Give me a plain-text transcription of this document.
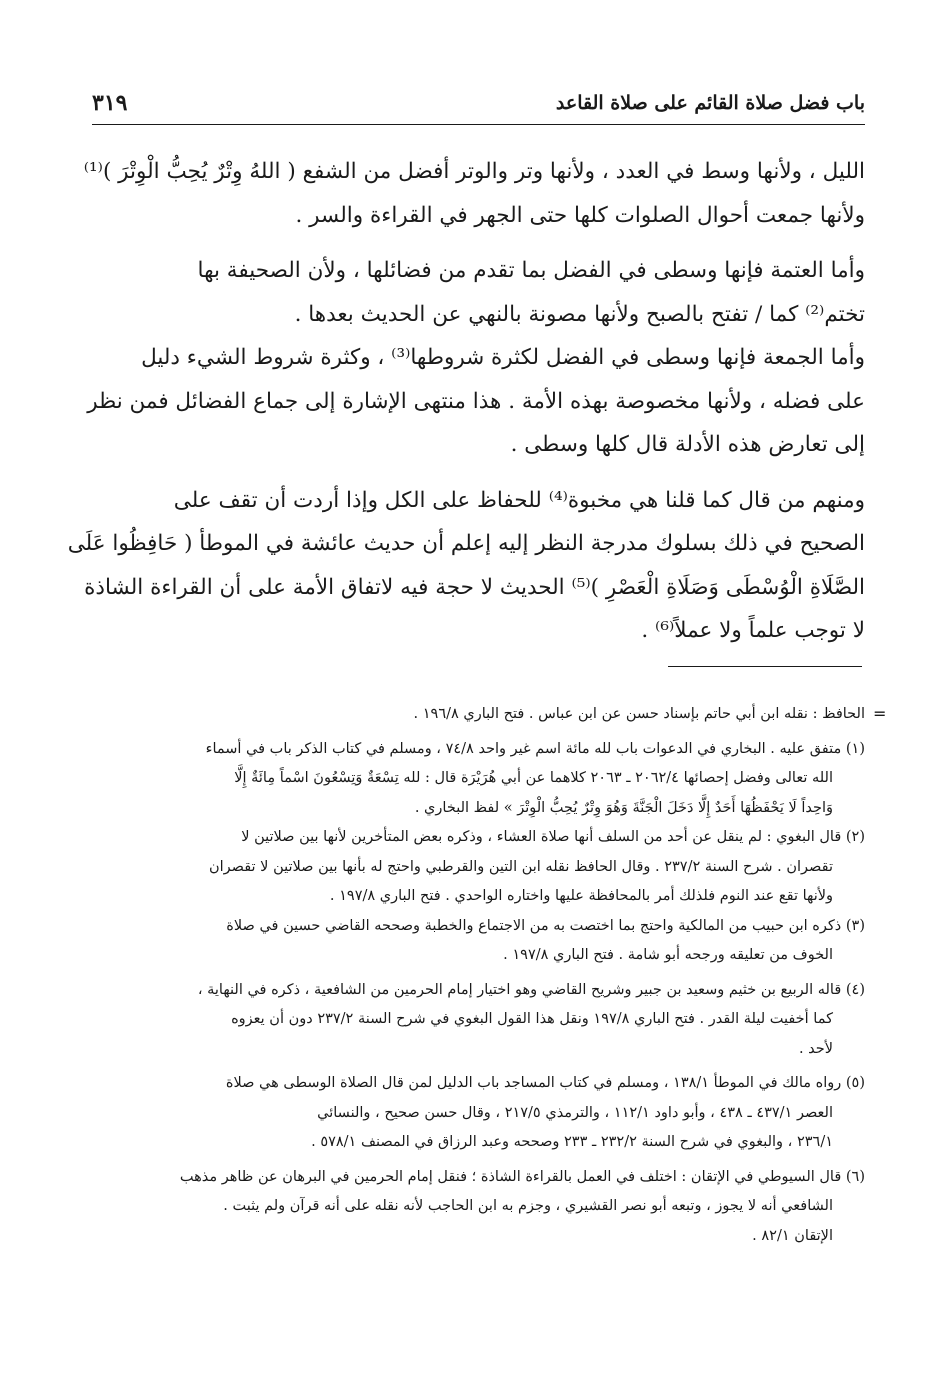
باب فضل صلاة القائم على صلاة القاعد
٣١٩
الليل ، ولأنها وسط في العدد ، ولأنها وتر والوتر أفضل من الشفع ( اللهُ وِتْرٌ يُحِبُّ الْوِتْرَ )⁽¹⁾
ولأنها جمعت أحوال الصلوات كلها حتى الجهر في القراءة والسر .
وأما العتمة فإنها وسطى في الفضل بما تقدم من فضائلها ، ولأن الصحيفة بها
تختم⁽²⁾ كما / تفتح بالصبح ولأنها مصونة بالنهي عن الحديث بعدها .
وأما الجمعة فإنها وسطى في الفضل لكثرة شروطها⁽³⁾ ، وكثرة شروط الشيء دليل
على فضله ، ولأنها مخصوصة بهذه الأمة . هذا منتهى الإشارة إلى جماع الفضائل فمن نظر
إلى تعارض هذه الأدلة قال كلها وسطى .
ومنهم من قال كما قلنا هي مخبوة⁽⁴⁾ للحفاظ على الكل وإذا أردت أن تقف على
الصحيح في ذلك بسلوك مدرجة النظر إليه إعلم أن حديث عائشة في الموطأ ( حَافِظُوا عَلَى
الصَّلَاةِ الْوُسْطَى وَصَلَاةِ الْعَصْرِ )⁽⁵⁾ الحديث لا حجة فيه لاتفاق الأمة على أن القراءة الشاذة
لا توجب علماً ولا عملاً⁽⁶⁾ .
=
الحافظ : نقله ابن أبي حاتم بإسناد حسن عن ابن عباس . فتح الباري ١٩٦/٨ .
(١) متفق عليه . البخاري في الدعوات باب لله مائة اسم غير واحد ٧٤/٨ ، ومسلم في كتاب الذكر باب في أسماء
الله تعالى وفضل إحصائها ٢٠٦٢/٤ ـ ٢٠٦٣ كلاهما عن أبي هُرَيْرَة قال : لله تِسْعَةٌ وَتِسْعُونَ اسْماً مِائَةٌ إِلَّا
وَاحِداً لَا يَحْفَظُهَا أَحَدٌ إِلَّا دَخَلَ الْجَنَّةَ وَهُوَ وِتْرٌ يُحِبُّ الْوِتْرَ » لفظ البخاري .
(٢) قال البغوي : لم ينقل عن أحد من السلف أنها صلاة العشاء ، وذكره بعض المتأخرين لأنها بين صلاتين لا
تقصران . شرح السنة ٢٣٧/٢ . وقال الحافظ نقله ابن التين والقرطبي واحتج له بأنها بين صلاتين لا تقصران
ولأنها تقع عند النوم فلذلك أمر بالمحافظة عليها واختاره الواحدي . فتح الباري ١٩٧/٨ .
(٣) ذكره ابن حبيب من المالكية واحتج بما اختصت به من الاجتماع والخطبة وصححه القاضي حسين في صلاة
الخوف من تعليقه ورجحه أبو شامة . فتح الباري ١٩٧/٨ .
(٤) قاله الربيع بن خثيم وسعيد بن جبير وشريح القاضي وهو اختيار إمام الحرمين من الشافعية ، ذكره في النهاية ،
كما أخفيت ليلة القدر . فتح الباري ١٩٧/٨ ونقل هذا القول البغوي في شرح السنة ٢٣٧/٢ دون أن يعزوه
لأحد .
(٥) رواه مالك في الموطأ ١٣٨/١ ، ومسلم في كتاب المساجد باب الدليل لمن قال الصلاة الوسطى هي صلاة
العصر ٤٣٧/١ ـ ٤٣٨ ، وأبو داود ١١٢/١ ، والترمذي ٢١٧/٥ ، وقال حسن صحيح ، والنسائي
٢٣٦/١ ، والبغوي في شرح السنة ٢٣٢/٢ ـ ٢٣٣ وصححه وعبد الرزاق في المصنف ٥٧٨/١ .
(٦) قال السيوطي في الإتقان : اختلف في العمل بالقراءة الشاذة ؛ فنقل إمام الحرمين في البرهان عن ظاهر مذهب
الشافعي أنه لا يجوز ، وتبعه أبو نصر القشيري ، وجزم به ابن الحاجب لأنه نقله على أنه قرآن ولم يثبت .
الإتقان ٨٢/١ .
